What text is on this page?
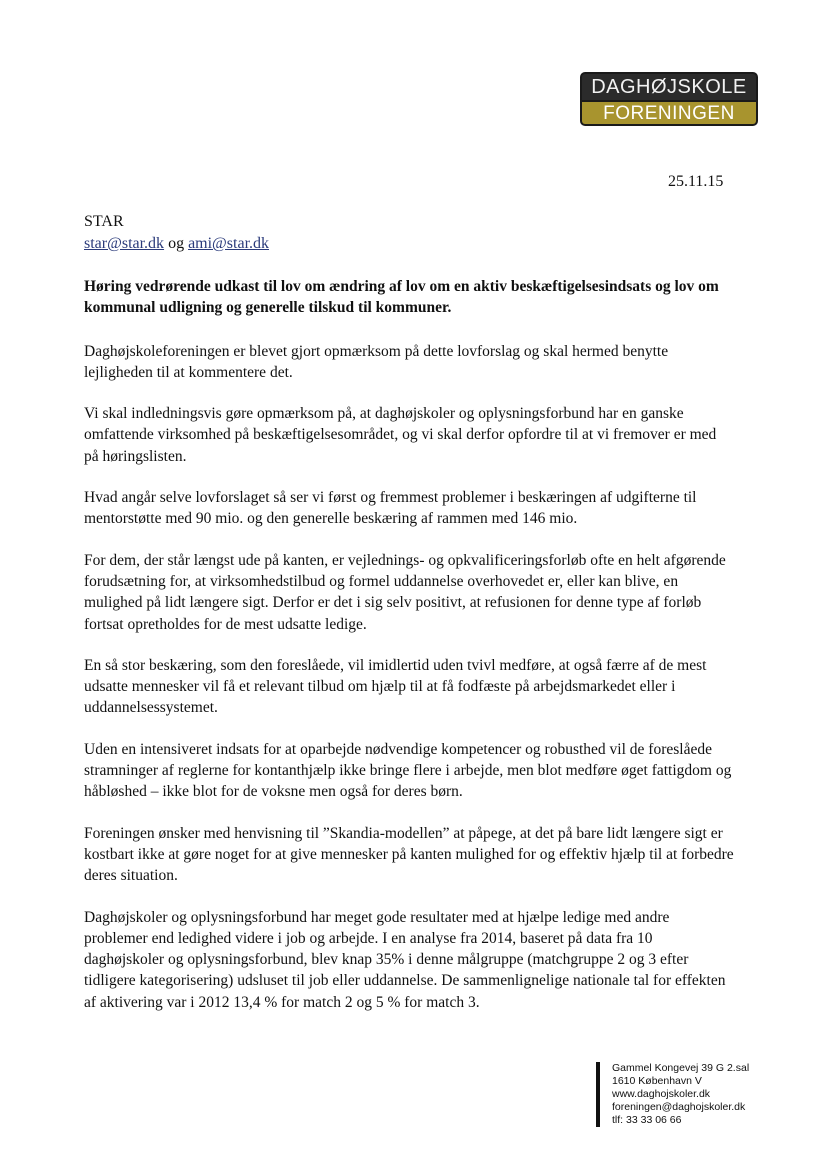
DAGHØJSKOLE
FORENINGEN
25.11.15
STAR
star@star.dk og ami@star.dk

Høring vedrørende udkast til lov om ændring af lov om en aktiv beskæftigelsesindsats og lov om kommunal udligning og generelle tilskud til kommuner.

Daghøjskoleforeningen er blevet gjort opmærksom på dette lovforslag og skal hermed benytte lejligheden til at kommentere det.

Vi skal indledningsvis gøre opmærksom på, at daghøjskoler og oplysningsforbund har en ganske omfattende virksomhed på beskæftigelsesområdet, og vi skal derfor opfordre til at vi fremover er med på høringslisten.

Hvad angår selve lovforslaget så ser vi først og fremmest problemer i beskæringen af udgifterne til mentorstøtte med 90 mio. og den generelle beskæring af rammen med 146 mio.

For dem, der står længst ude på kanten, er vejlednings- og opkvalificeringsforløb ofte en helt afgørende forudsætning for, at virksomhedstilbud og formel uddannelse overhovedet er, eller kan blive, en mulighed på lidt længere sigt. Derfor er det i sig selv positivt, at refusionen for denne type af forløb fortsat opretholdes for de mest udsatte ledige.

En så stor beskæring, som den foreslåede, vil imidlertid uden tvivl medføre, at også færre af de mest udsatte mennesker vil få et relevant tilbud om hjælp til at få fodfæste på arbejdsmarkedet eller i uddannelsessystemet.

Uden en intensiveret indsats for at oparbejde nødvendige kompetencer og robusthed vil de foreslåede stramninger af reglerne for kontanthjælp ikke bringe flere i arbejde, men blot medføre øget fattigdom og håbløshed – ikke blot for de voksne men også for deres børn.

Foreningen ønsker med henvisning til ”Skandia-modellen” at påpege, at det på bare lidt længere sigt er kostbart ikke at gøre noget for at give mennesker på kanten mulighed for og effektiv hjælp til at forbedre deres situation.

Daghøjskoler og oplysningsforbund har meget gode resultater med at hjælpe ledige med andre problemer end ledighed videre i job og arbejde. I en analyse fra 2014, baseret på data fra 10 daghøjskoler og oplysningsforbund, blev knap 35% i denne målgruppe (matchgruppe 2 og 3 efter tidligere kategorisering) udsluset til job eller uddannelse. De sammenlignelige nationale tal for effekten af aktivering var i 2012 13,4 % for match 2 og 5 % for match 3.

Gammel Kongevej 39 G 2.sal
1610 København V
www.daghojskoler.dk
foreningen@daghojskoler.dk
tlf: 33 33 06 66
